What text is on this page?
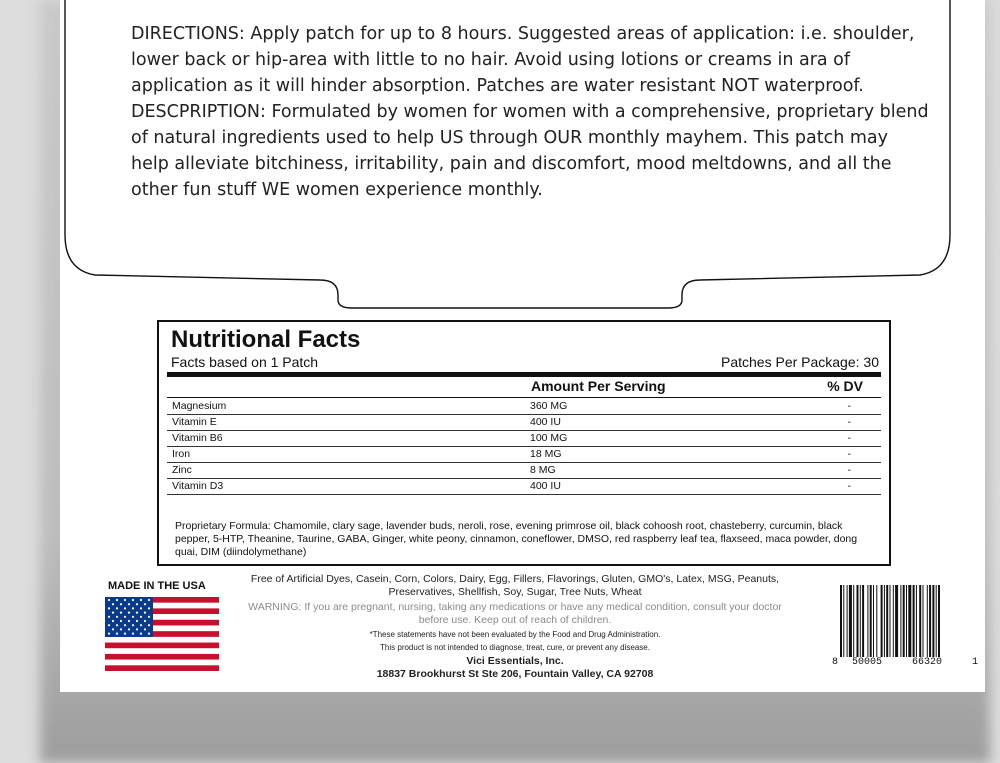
DIRECTIONS: Apply patch for up to 8 hours. Suggested areas of application: i.e. shoulder, lower back or hip-area with little to no hair. Avoid using lotions or creams in ara of application as it will hinder absorption. Patches are water resistant NOT waterproof.

DESCPRIPTION: Formulated by women for women with a comprehensive, proprietary blend of natural ingredients used to help US through OUR monthly mayhem. This patch may help alleviate bitchiness, irritability, pain and discomfort, mood meltdowns, and all the other fun stuff WE women experience monthly.

Nutritional Facts
Facts based on 1 Patch	Patches Per Package: 30
Amount Per Serving	% DV
Magnesium	360 MG	-
Vitamin E	400 IU	-
Vitamin B6	100 MG	-
Iron	18 MG	-
Zinc	8 MG	-
Vitamin D3	400 IU	-
Proprietary Formula: Chamomile, clary sage, lavender buds, neroli, rose, evening primrose oil, black cohoosh root, chasteberry, curcumin, black pepper, 5-HTP, Theanine, Taurine, GABA, Ginger, white peony, cinnamon, coneflower, DMSO, red raspberry leaf tea, flaxseed, maca powder, dong quai, DIM (diindolymethane)
MADE IN THE USA
Free of Artificial Dyes, Casein, Corn, Colors, Dairy, Egg, Fillers, Flavorings, Gluten, GMO's, Latex, MSG, Peanuts, Preservatives, Shellfish, Soy, Sugar, Tree Nuts, Wheat
WARNING: If you are pregnant, nursing, taking any medications or have any medical condition, consult your doctor before use. Keep out of reach of children.
*These statements have not been evaluated by the Food and Drug Administration.
This product is not intended to diagnose, treat, cure, or prevent any disease.
Vici Essentials, Inc.
18837 Brookhurst St Ste 206, Fountain Valley, CA 92708
8 50005	66320	1
